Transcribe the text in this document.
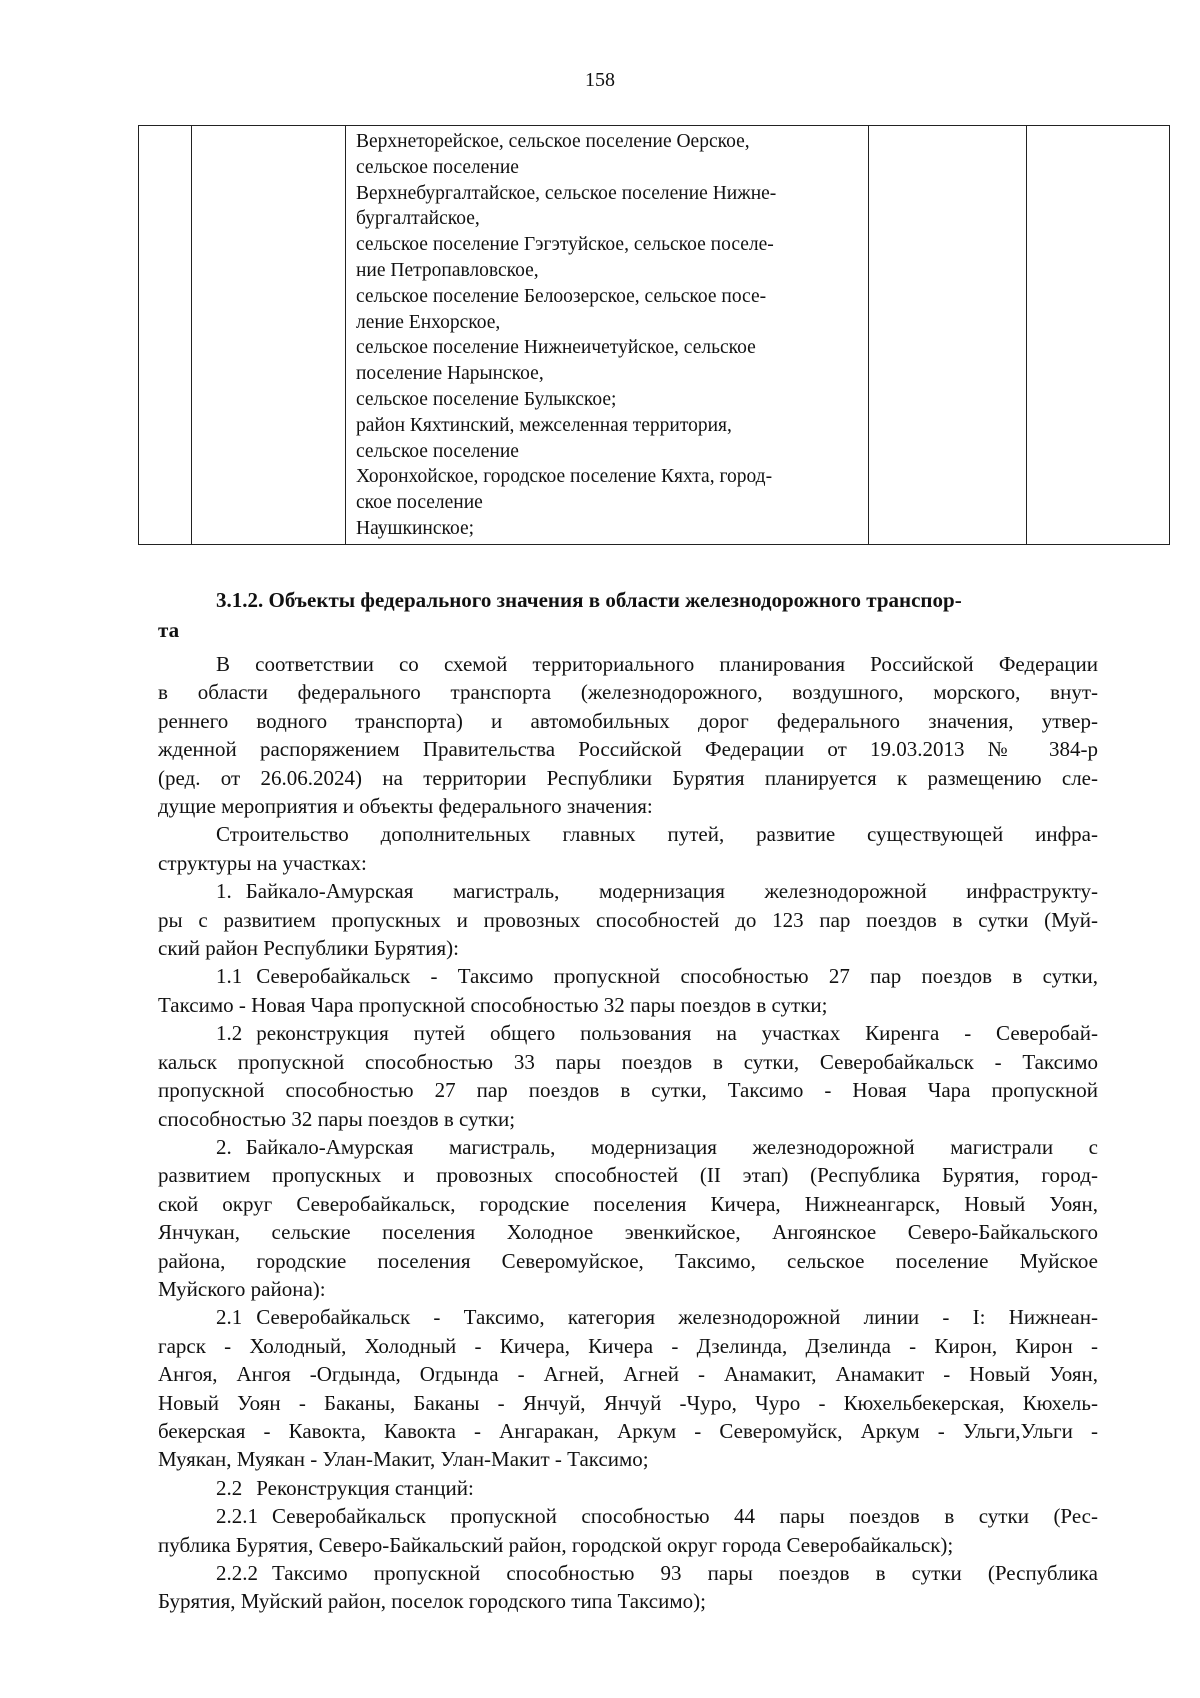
158

Верхнеторейское, сельское поселение Оерское,
сельское поселение
Верхнебургалтайское, сельское поселение Нижне-
бургалтайское,
сельское поселение Гэгэтуйское, сельское поселе-
ние Петропавловское,
сельское поселение Белоозерское, сельское посе-
ление Енхорское,
сельское поселение Нижнеичетуйское, сельское
поселение Нарынское,
сельское поселение Булыкское;
район Кяхтинский, межселенная территория,
сельское поселение
Хоронхойское, городское поселение Кяхта, город-
ское поселение
Наушкинское;

3.1.2. Объекты федерального значения в области железнодорожного транспор-
та
В соответствии со схемой территориального планирования Российской Федерации
в области федерального транспорта (железнодорожного, воздушного, морского, внут-
реннего водного транспорта) и автомобильных дорог федерального значения, утвер-
жденной распоряжением Правительства Российской Федерации от 19.03.2013 № 384-р
(ред. от 26.06.2024) на территории Республики Бурятия планируется к размещению сле-
дущие мероприятия и объекты федерального значения:
Строительство дополнительных главных путей, развитие существующей инфра-
структуры на участках:
1. Байкало-Амурская магистраль, модернизация железнодорожной инфраструкту-
ры с развитием пропускных и провозных способностей до 123 пар поездов в сутки (Муй-
ский район Республики Бурятия):
1.1 Северобайкальск - Таксимо пропускной способностью 27 пар поездов в сутки,
Таксимо - Новая Чара пропускной способностью 32 пары поездов в сутки;
1.2 реконструкция путей общего пользования на участках Киренга - Северобай-
кальск пропускной способностью 33 пары поездов в сутки, Северобайкальск - Таксимо
пропускной способностью 27 пар поездов в сутки, Таксимо - Новая Чара пропускной
способностью 32 пары поездов в сутки;
2. Байкало-Амурская магистраль, модернизация железнодорожной магистрали с
развитием пропускных и провозных способностей (II этап) (Республика Бурятия, город-
ской округ Северобайкальск, городские поселения Кичера, Нижнеангарск, Новый Уоян,
Янчукан, сельские поселения Холодное эвенкийское, Ангоянское Северо-Байкальского
района, городские поселения Северомуйское, Таксимо, сельское поселение Муйское
Муйского района):
2.1 Северобайкальск - Таксимо, категория железнодорожной линии - I: Нижнеан-
гарск - Холодный, Холодный - Кичера, Кичера - Дзелинда, Дзелинда - Кирон, Кирон -
Ангоя, Ангоя -Огдында, Огдында - Агней, Агней - Анамакит, Анамакит - Новый Уоян,
Новый Уоян - Баканы, Баканы - Янчуй, Янчуй -Чуро, Чуро - Кюхельбекерская, Кюхель-
бекерская - Кавокта, Кавокта - Ангаракан, Аркум - Северомуйск, Аркум - Ульги,Ульги -
Муякан, Муякан - Улан-Макит, Улан-Макит - Таксимо;
2.2 Реконструкция станций:
2.2.1 Северобайкальск пропускной способностью 44 пары поездов в сутки (Рес-
публика Бурятия, Северо-Байкальский район, городской округ города Северобайкальск);
2.2.2 Таксимо пропускной способностью 93 пары поездов в сутки (Республика
Бурятия, Муйский район, поселок городского типа Таксимо);
